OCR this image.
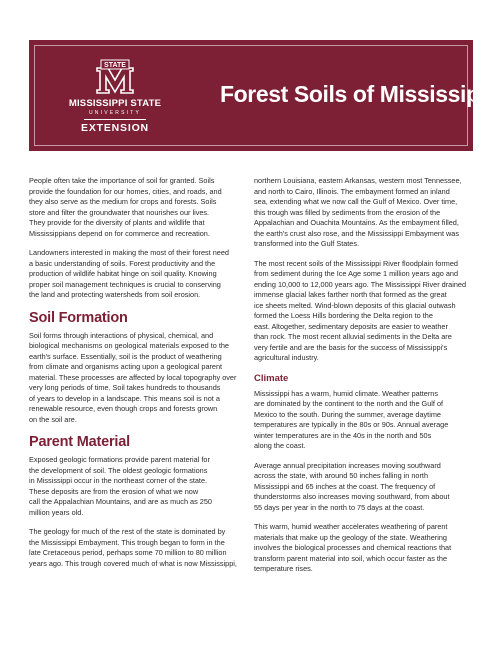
STATE
MISSISSIPPI STATE
UNIVERSITY
EXTENSION
Forest Soils of Mississippi

People often take the importance of soil for granted. Soils
provide the foundation for our homes, cities, and roads, and
they also serve as the medium for crops and forests. Soils
store and filter the groundwater that nourishes our lives.
They provide for the diversity of plants and wildlife that
Mississippians depend on for commerce and recreation.

Landowners interested in making the most of their forest need
a basic understanding of soils. Forest productivity and the
production of wildlife habitat hinge on soil quality. Knowing
proper soil management techniques is crucial to conserving
the land and protecting watersheds from soil erosion.

Soil Formation

Soil forms through interactions of physical, chemical, and
biological mechanisms on geological materials exposed to the
earth's surface. Essentially, soil is the product of weathering
from climate and organisms acting upon a geological parent
material. These processes are affected by local topography over
very long periods of time. Soil takes hundreds to thousands
of years to develop in a landscape. This means soil is not a
renewable resource, even though crops and forests grown
on the soil are.

Parent Material

Exposed geologic formations provide parent material for
the development of soil. The oldest geologic formations
in Mississippi occur in the northeast corner of the state.
These deposits are from the erosion of what we now
call the Appalachian Mountains, and are as much as 250
million years old.

The geology for much of the rest of the state is dominated by
the Mississippi Embayment. This trough began to form in the
late Cretaceous period, perhaps some 70 million to 80 million
years ago. This trough covered much of what is now Mississippi,

northern Louisiana, eastern Arkansas, western most Tennessee,
and north to Cairo, Illinois. The embayment formed an inland
sea, extending what we now call the Gulf of Mexico. Over time,
this trough was filled by sediments from the erosion of the
Appalachian and Ouachita Mountains. As the embayment filled,
the earth's crust also rose, and the Mississippi Embayment was
transformed into the Gulf States.

The most recent soils of the Mississippi River floodplain formed
from sediment during the Ice Age some 1 million years ago and
ending 10,000 to 12,000 years ago. The Mississippi River drained
immense glacial lakes farther north that formed as the great
ice sheets melted. Wind-blown deposits of this glacial outwash
formed the Loess Hills bordering the Delta region to the
east. Altogether, sedimentary deposits are easier to weather
than rock. The most recent alluvial sediments in the Delta are
very fertile and are the basis for the success of Mississippi's
agricultural industry.

Climate

Mississippi has a warm, humid climate. Weather patterns
are dominated by the continent to the north and the Gulf of
Mexico to the south. During the summer, average daytime
temperatures are typically in the 80s or 90s. Annual average
winter temperatures are in the 40s in the north and 50s
along the coast.

Average annual precipitation increases moving southward
across the state, with around 50 inches falling in north
Mississippi and 65 inches at the coast. The frequency of
thunderstorms also increases moving southward, from about
55 days per year in the north to 75 days at the coast.

This warm, humid weather accelerates weathering of parent
materials that make up the geology of the state. Weathering
involves the biological processes and chemical reactions that
transform parent material into soil, which occur faster as the
temperature rises.
